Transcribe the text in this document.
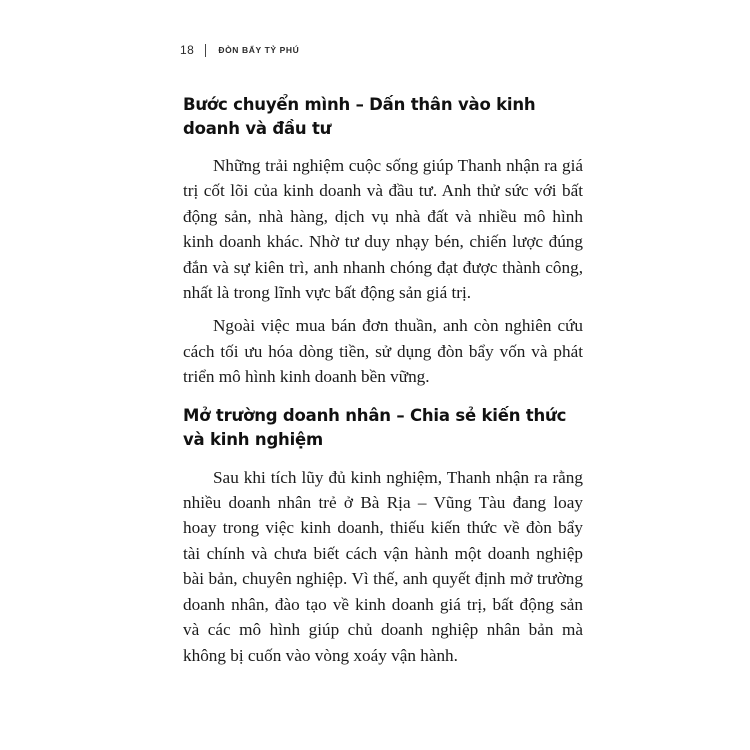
18	ĐÒN BẨY TỶ PHÚ
Bước chuyển mình – Dấn thân vào kinh doanh và đầu tư

Những trải nghiệm cuộc sống giúp Thanh nhận ra giá trị cốt lõi của kinh doanh và đầu tư. Anh thử sức với bất động sản, nhà hàng, dịch vụ nhà đất và nhiều mô hình kinh doanh khác. Nhờ tư duy nhạy bén, chiến lược đúng đắn và sự kiên trì, anh nhanh chóng đạt được thành công, nhất là trong lĩnh vực bất động sản giá trị.

Ngoài việc mua bán đơn thuần, anh còn nghiên cứu cách tối ưu hóa dòng tiền, sử dụng đòn bẩy vốn và phát triển mô hình kinh doanh bền vững.

Mở trường doanh nhân – Chia sẻ kiến thức và kinh nghiệm

Sau khi tích lũy đủ kinh nghiệm, Thanh nhận ra rằng nhiều doanh nhân trẻ ở Bà Rịa – Vũng Tàu đang loay hoay trong việc kinh doanh, thiếu kiến thức về đòn bẩy tài chính và chưa biết cách vận hành một doanh nghiệp bài bản, chuyên nghiệp. Vì thế, anh quyết định mở trường doanh nhân, đào tạo về kinh doanh giá trị, bất động sản và các mô hình giúp chủ doanh nghiệp nhân bản mà không bị cuốn vào vòng xoáy vận hành.
